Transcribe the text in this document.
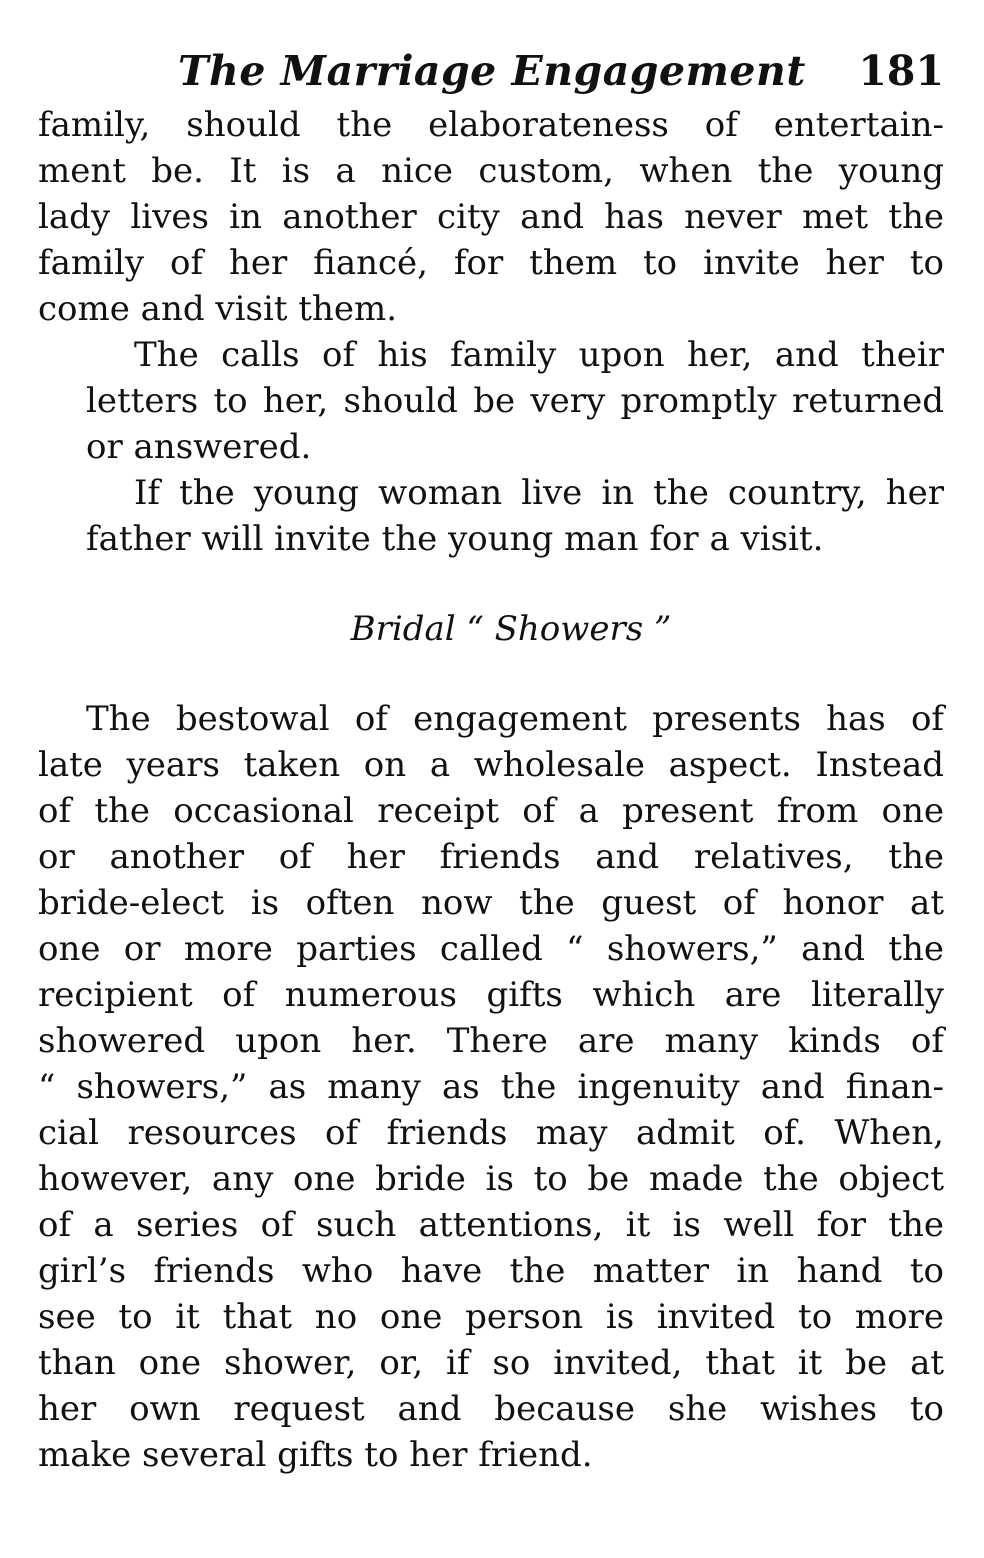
The Marriage Engagement 181

family, should the elaborateness of entertain-
ment be. It is a nice custom, when the young
lady lives in another city and has never met the
family of her fiancé, for them to invite her to
come and visit them.

The calls of his family upon her, and their
letters to her, should be very promptly returned
or answered.

If the young woman live in the country, her
father will invite the young man for a visit.

Bridal “ Showers ”

The bestowal of engagement presents has of
late years taken on a wholesale aspect. Instead
of the occasional receipt of a present from one
or another of her friends and relatives, the
bride-elect is often now the guest of honor at
one or more parties called “ showers,” and the
recipient of numerous gifts which are literally
showered upon her. There are many kinds of
“ showers,” as many as the ingenuity and finan-
cial resources of friends may admit of. When,
however, any one bride is to be made the object
of a series of such attentions, it is well for the
girl’s friends who have the matter in hand to
see to it that no one person is invited to more
than one shower, or, if so invited, that it be at
her own request and because she wishes to
make several gifts to her friend.
